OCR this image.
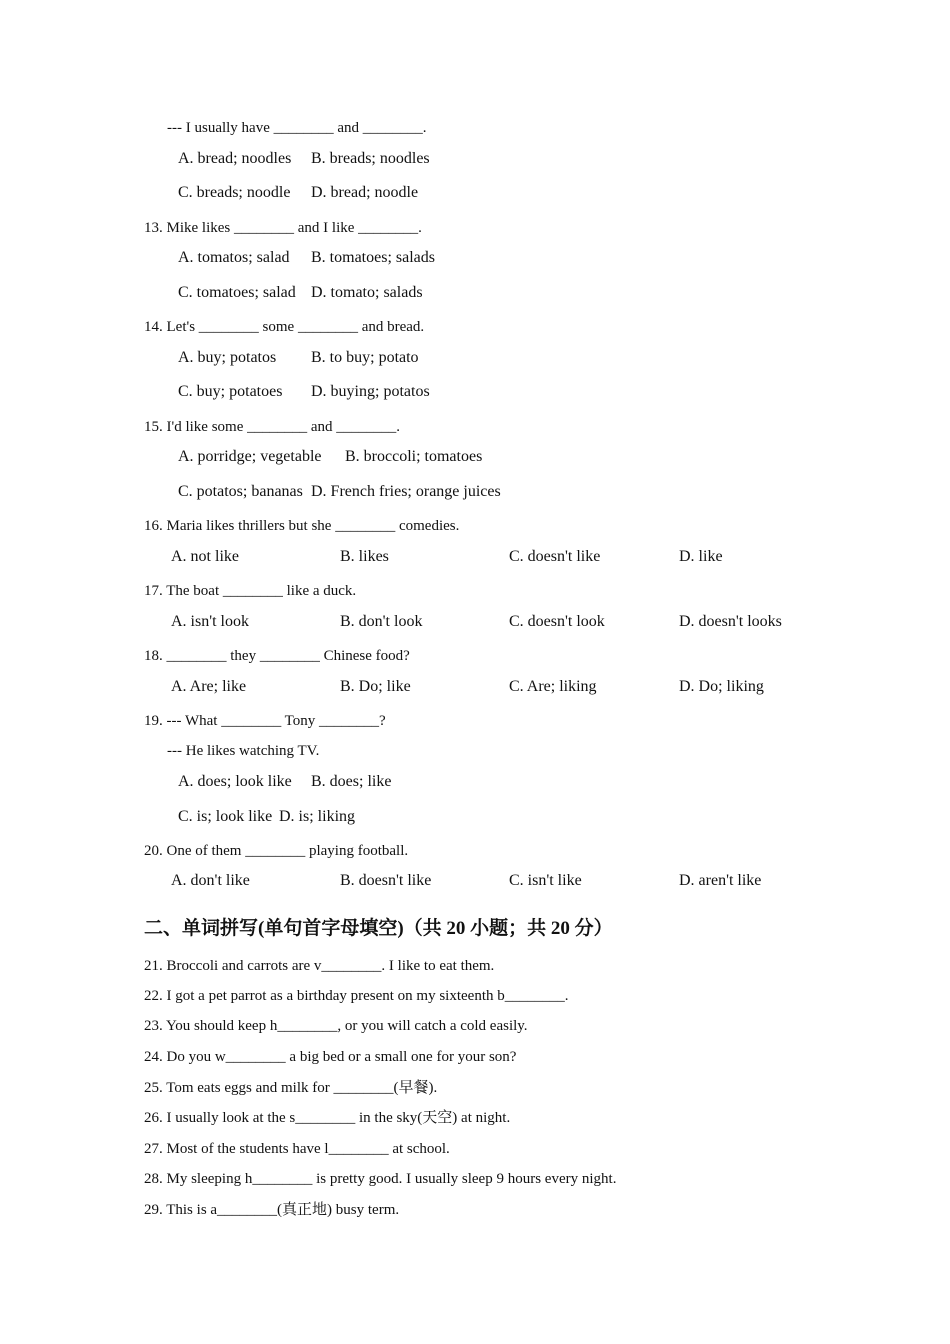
--- I usually have ________ and ________.
A. bread; noodles B. breads; noodles
C. breads; noodle D. bread; noodle
13. Mike likes ________ and I like ________.
A. tomatos; salad B. tomatoes; salads
C. tomatoes; salad D. tomato; salads
14. Let's ________ some ________ and bread.
A. buy; potatos B. to buy; potato
C. buy; potatoes D. buying; potatos
15. I'd like some ________ and ________.
A. porridge; vegetable B. broccoli; tomatoes
C. potatos; bananas D. French fries; orange juices
16. Maria likes thrillers but she ________ comedies.
A. not like	B. likes	C. doesn't like	D. like
17. The boat ________ like a duck.
A. isn't look	B. don't look	C. doesn't look	D. doesn't looks
18. ________ they ________ Chinese food?
A. Are; like	B. Do; like	C. Are; liking	D. Do; liking
19. --- What ________ Tony ________?
--- He likes watching TV.
A. does; look like B. does; like
C. is; look like D. is; liking
20. One of them ________ playing football.
A. don't like	B. doesn't like	C. isn't like	D. aren't like
二、单词拼写(单句首字母填空)（共 20 小题；共 20 分）
21. Broccoli and carrots are v________. I like to eat them.
22. I got a pet parrot as a birthday present on my sixteenth b________.
23. You should keep h________, or you will catch a cold easily.
24. Do you w________ a big bed or a small one for your son?
25. Tom eats eggs and milk for ________(早餐).
26. I usually look at the s________ in the sky(天空) at night.
27. Most of the students have l________ at school.
28. My sleeping h________ is pretty good. I usually sleep 9 hours every night.
29. This is a________(真正地) busy term.
